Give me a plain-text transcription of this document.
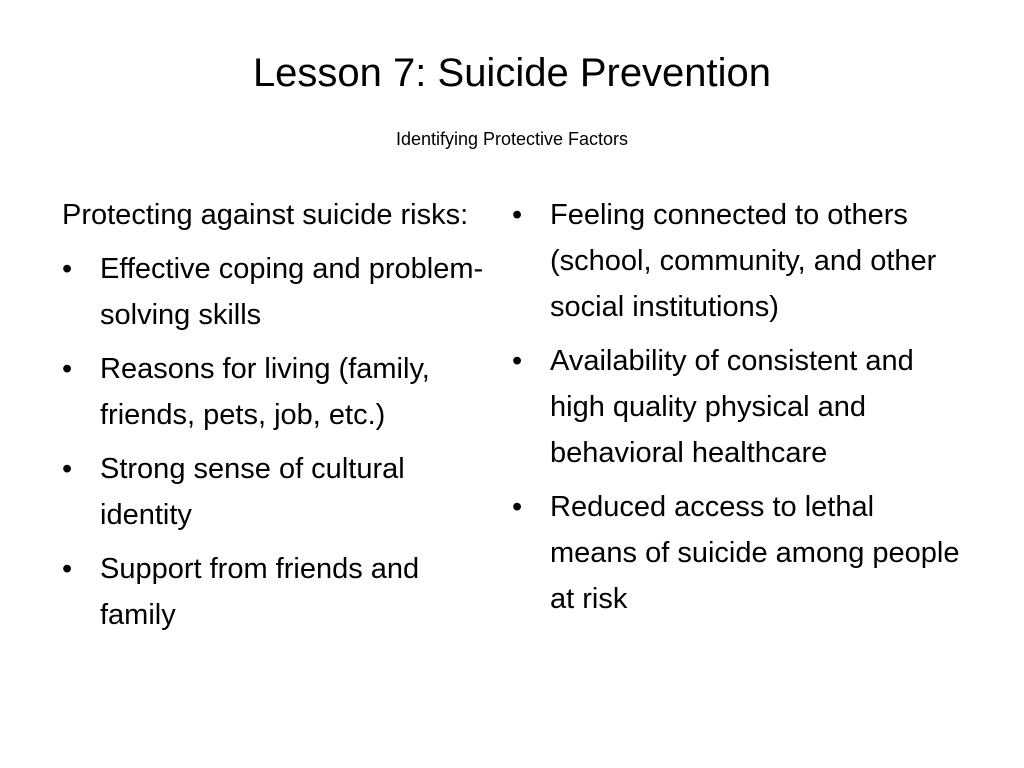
Lesson 7: Suicide Prevention
Identifying Protective Factors
Protecting against suicide risks:
• Effective coping and problem-solving skills
• Reasons for living (family, friends, pets, job, etc.)
• Strong sense of cultural identity
• Support from friends and family
• Feeling connected to others (school, community, and other social institutions)
• Availability of consistent and high quality physical and behavioral healthcare
• Reduced access to lethal means of suicide among people at risk
